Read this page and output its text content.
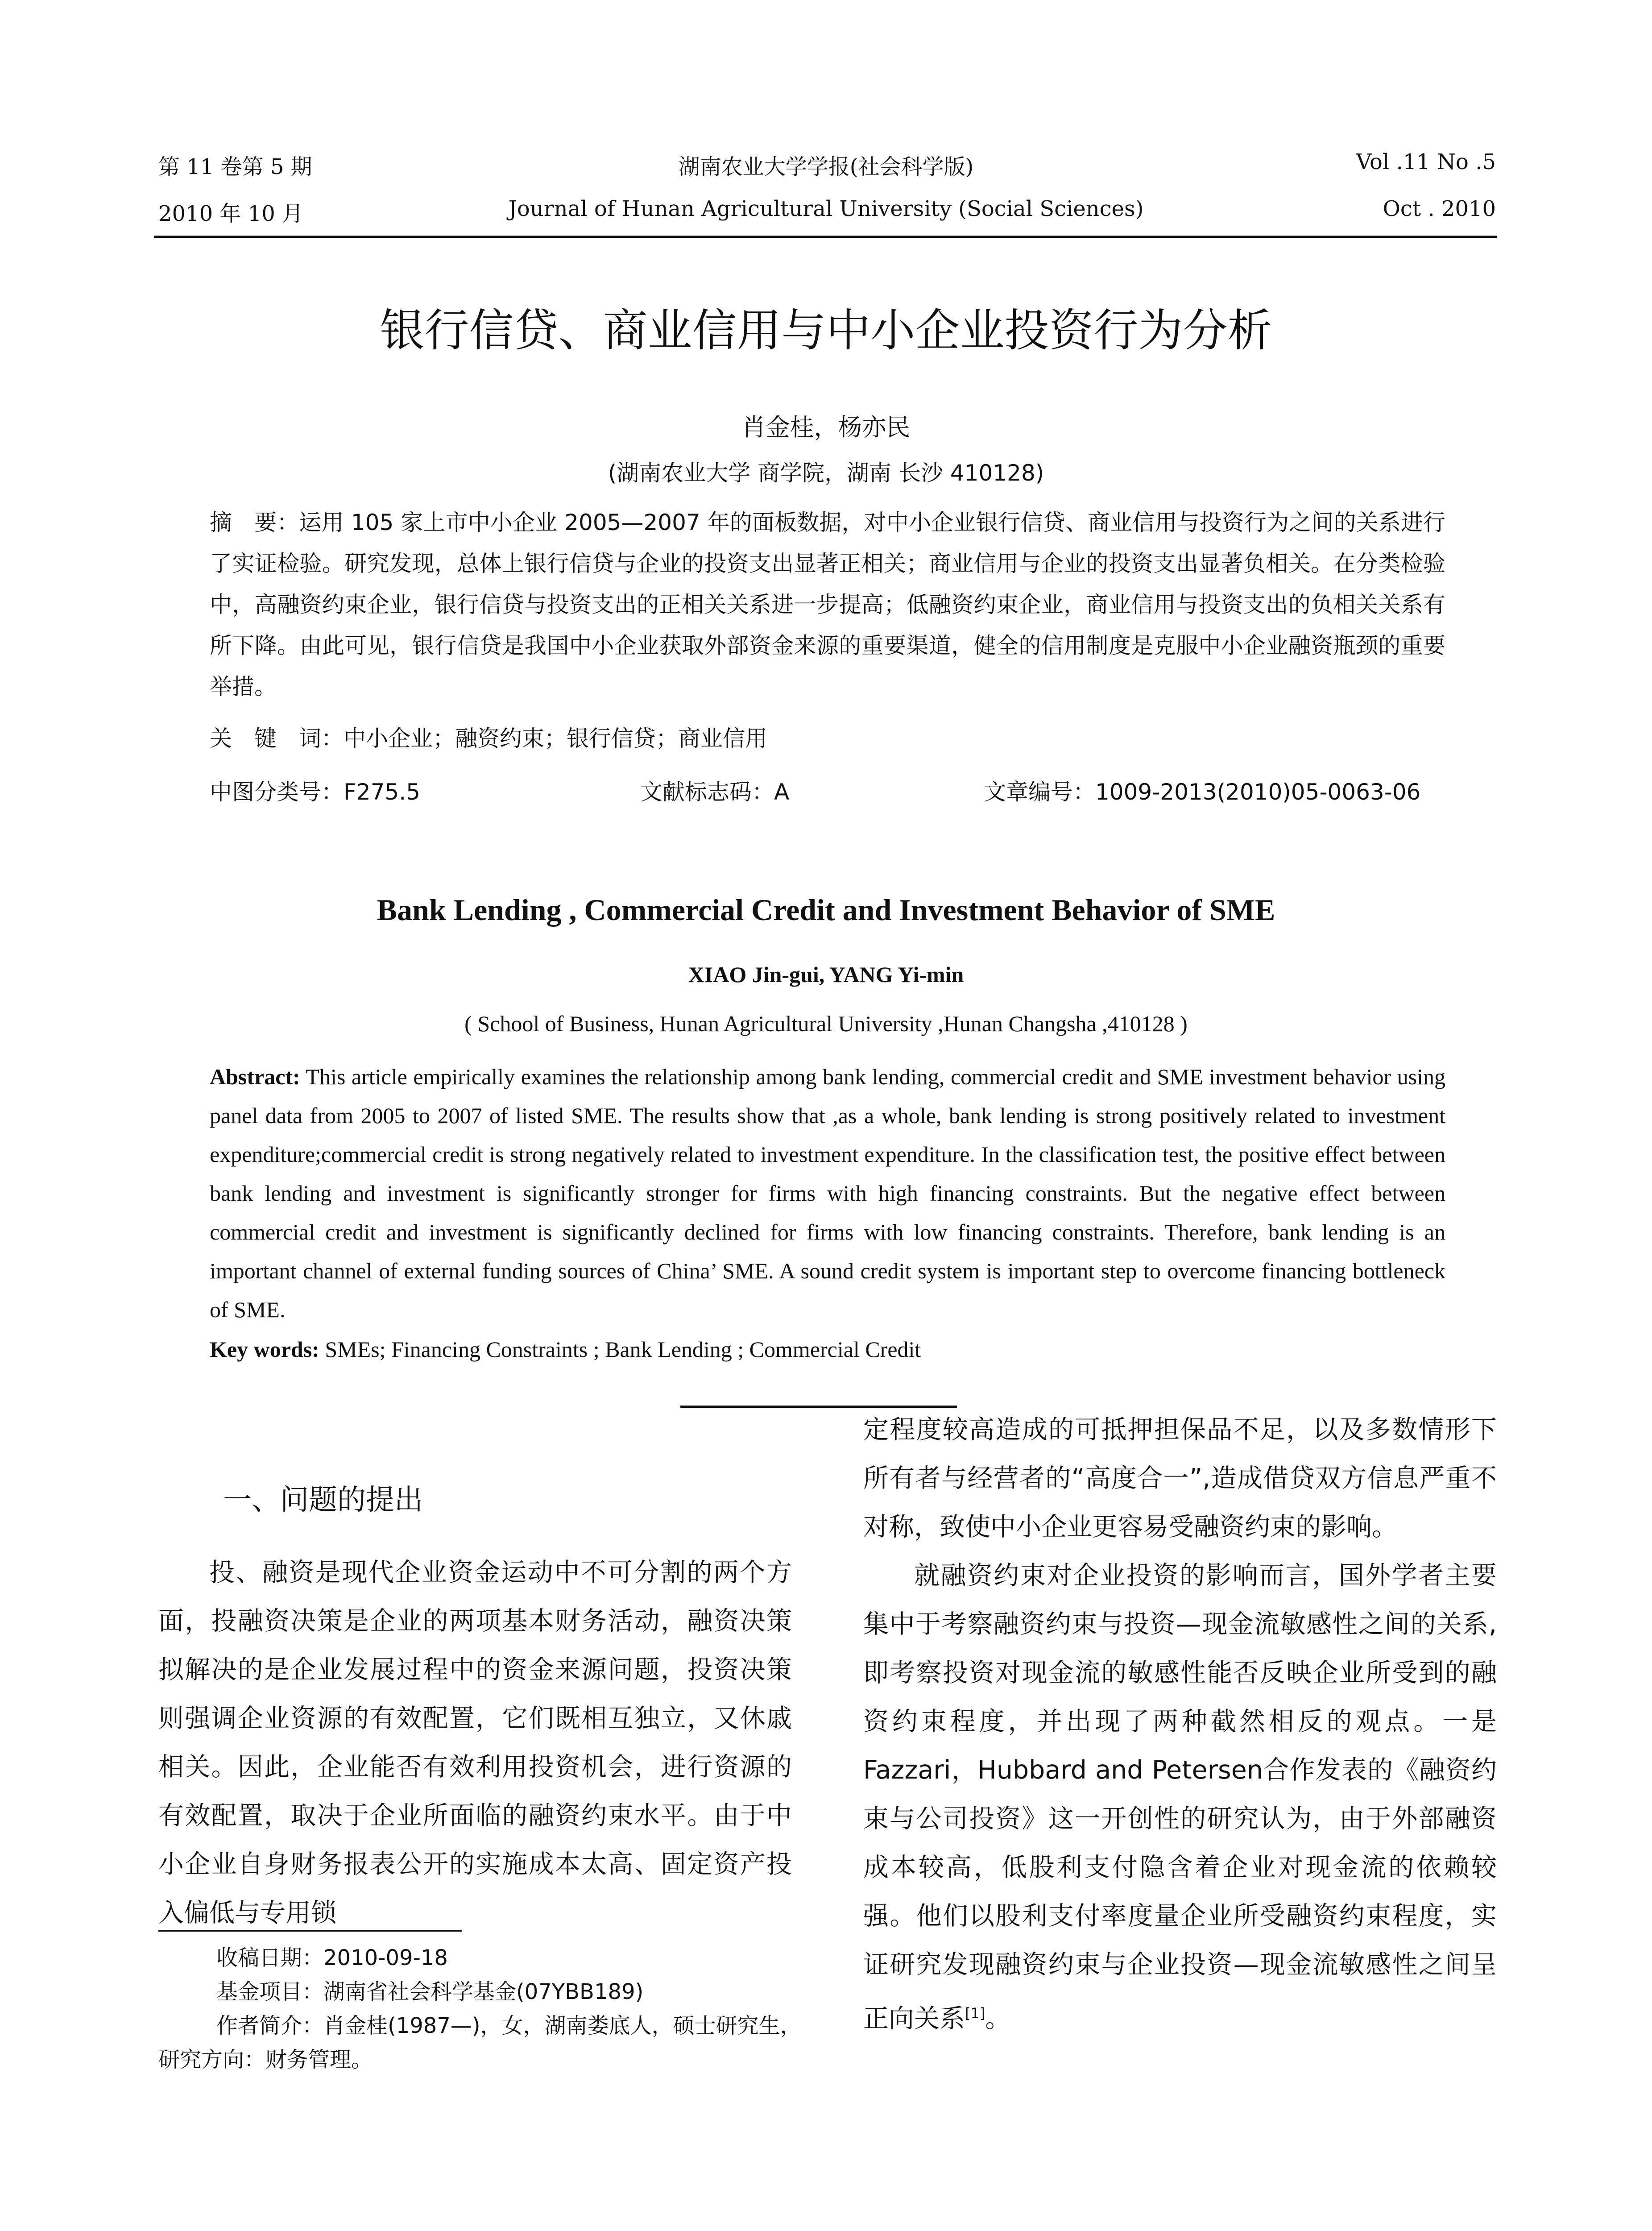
第 11 卷第 5 期	湖南农业大学学报(社会科学版)	Vol .11 No .5
2010 年 10 月	Journal of Hunan Agricultural University (Social Sciences)	Oct . 2010
银行信贷、商业信用与中小企业投资行为分析
肖金桂，杨亦民
(湖南农业大学 商学院，湖南 长沙 410128)
摘　要：运用 105 家上市中小企业 2005—2007 年的面板数据，对中小企业银行信贷、商业信用与投资行为之间的关系进行了实证检验。研究发现，总体上银行信贷与企业的投资支出显著正相关；商业信用与企业的投资支出显著负相关。在分类检验中，高融资约束企业，银行信贷与投资支出的正相关关系进一步提高；低融资约束企业，商业信用与投资支出的负相关关系有所下降。由此可见，银行信贷是我国中小企业获取外部资金来源的重要渠道，健全的信用制度是克服中小企业融资瓶颈的重要举措。
关　键　词：中小企业；融资约束；银行信贷；商业信用
中图分类号：F275.5	文献标志码：A	文章编号：1009-2013(2010)05-0063-06
Bank Lending , Commercial Credit and Investment Behavior of SME
XIAO Jin-gui, YANG Yi-min
( School of Business, Hunan Agricultural University ,Hunan Changsha ,410128 )
Abstract: This article empirically examines the relationship among bank lending, commercial credit and SME investment behavior using panel data from 2005 to 2007 of listed SME. The results show that ,as a whole, bank lending is strong positively related to investment expenditure;commercial credit is strong negatively related to investment expenditure. In the classification test, the positive effect between bank lending and investment is significantly stronger for firms with high financing constraints. But the negative effect between commercial credit and investment is significantly declined for firms with low financing constraints. Therefore, bank lending is an important channel of external funding sources of China’ SME. A sound credit system is important step to overcome financing bottleneck of SME.
Key words: SMEs; Financing Constraints ; Bank Lending ; Commercial Credit
一、问题的提出
投、融资是现代企业资金运动中不可分割的两个方面，投融资决策是企业的两项基本财务活动，融资决策拟解决的是企业发展过程中的资金来源问题，投资决策则强调企业资源的有效配置，它们既相互独立，又休戚相关。因此，企业能否有效利用投资机会，进行资源的有效配置，取决于企业所面临的融资约束水平。由于中小企业自身财务报表公开的实施成本太高、固定资产投入偏低与专用锁
定程度较高造成的可抵押担保品不足，以及多数情形下所有者与经营者的“高度合一”,造成借贷双方信息严重不对称，致使中小企业更容易受融资约束的影响。
就融资约束对企业投资的影响而言，国外学者主要集中于考察融资约束与投资—现金流敏感性之间的关系,即考察投资对现金流的敏感性能否反映企业所受到的融资约束程度，并出现了两种截然相反的观点。一是Fazzari，Hubbard and Petersen合作发表的《融资约束与公司投资》这一开创性的研究认为，由于外部融资成本较高，低股利支付隐含着企业对现金流的依赖较强。他们以股利支付率度量企业所受融资约束程度，实证研究发现融资约束与企业投资—现金流敏感性之间呈正向关系[1]。
收稿日期：2010-09-18
基金项目：湖南省社会科学基金(07YBB189)
作者简介：肖金桂(1987—)，女，湖南娄底人，硕士研究生，研究方向：财务管理。
